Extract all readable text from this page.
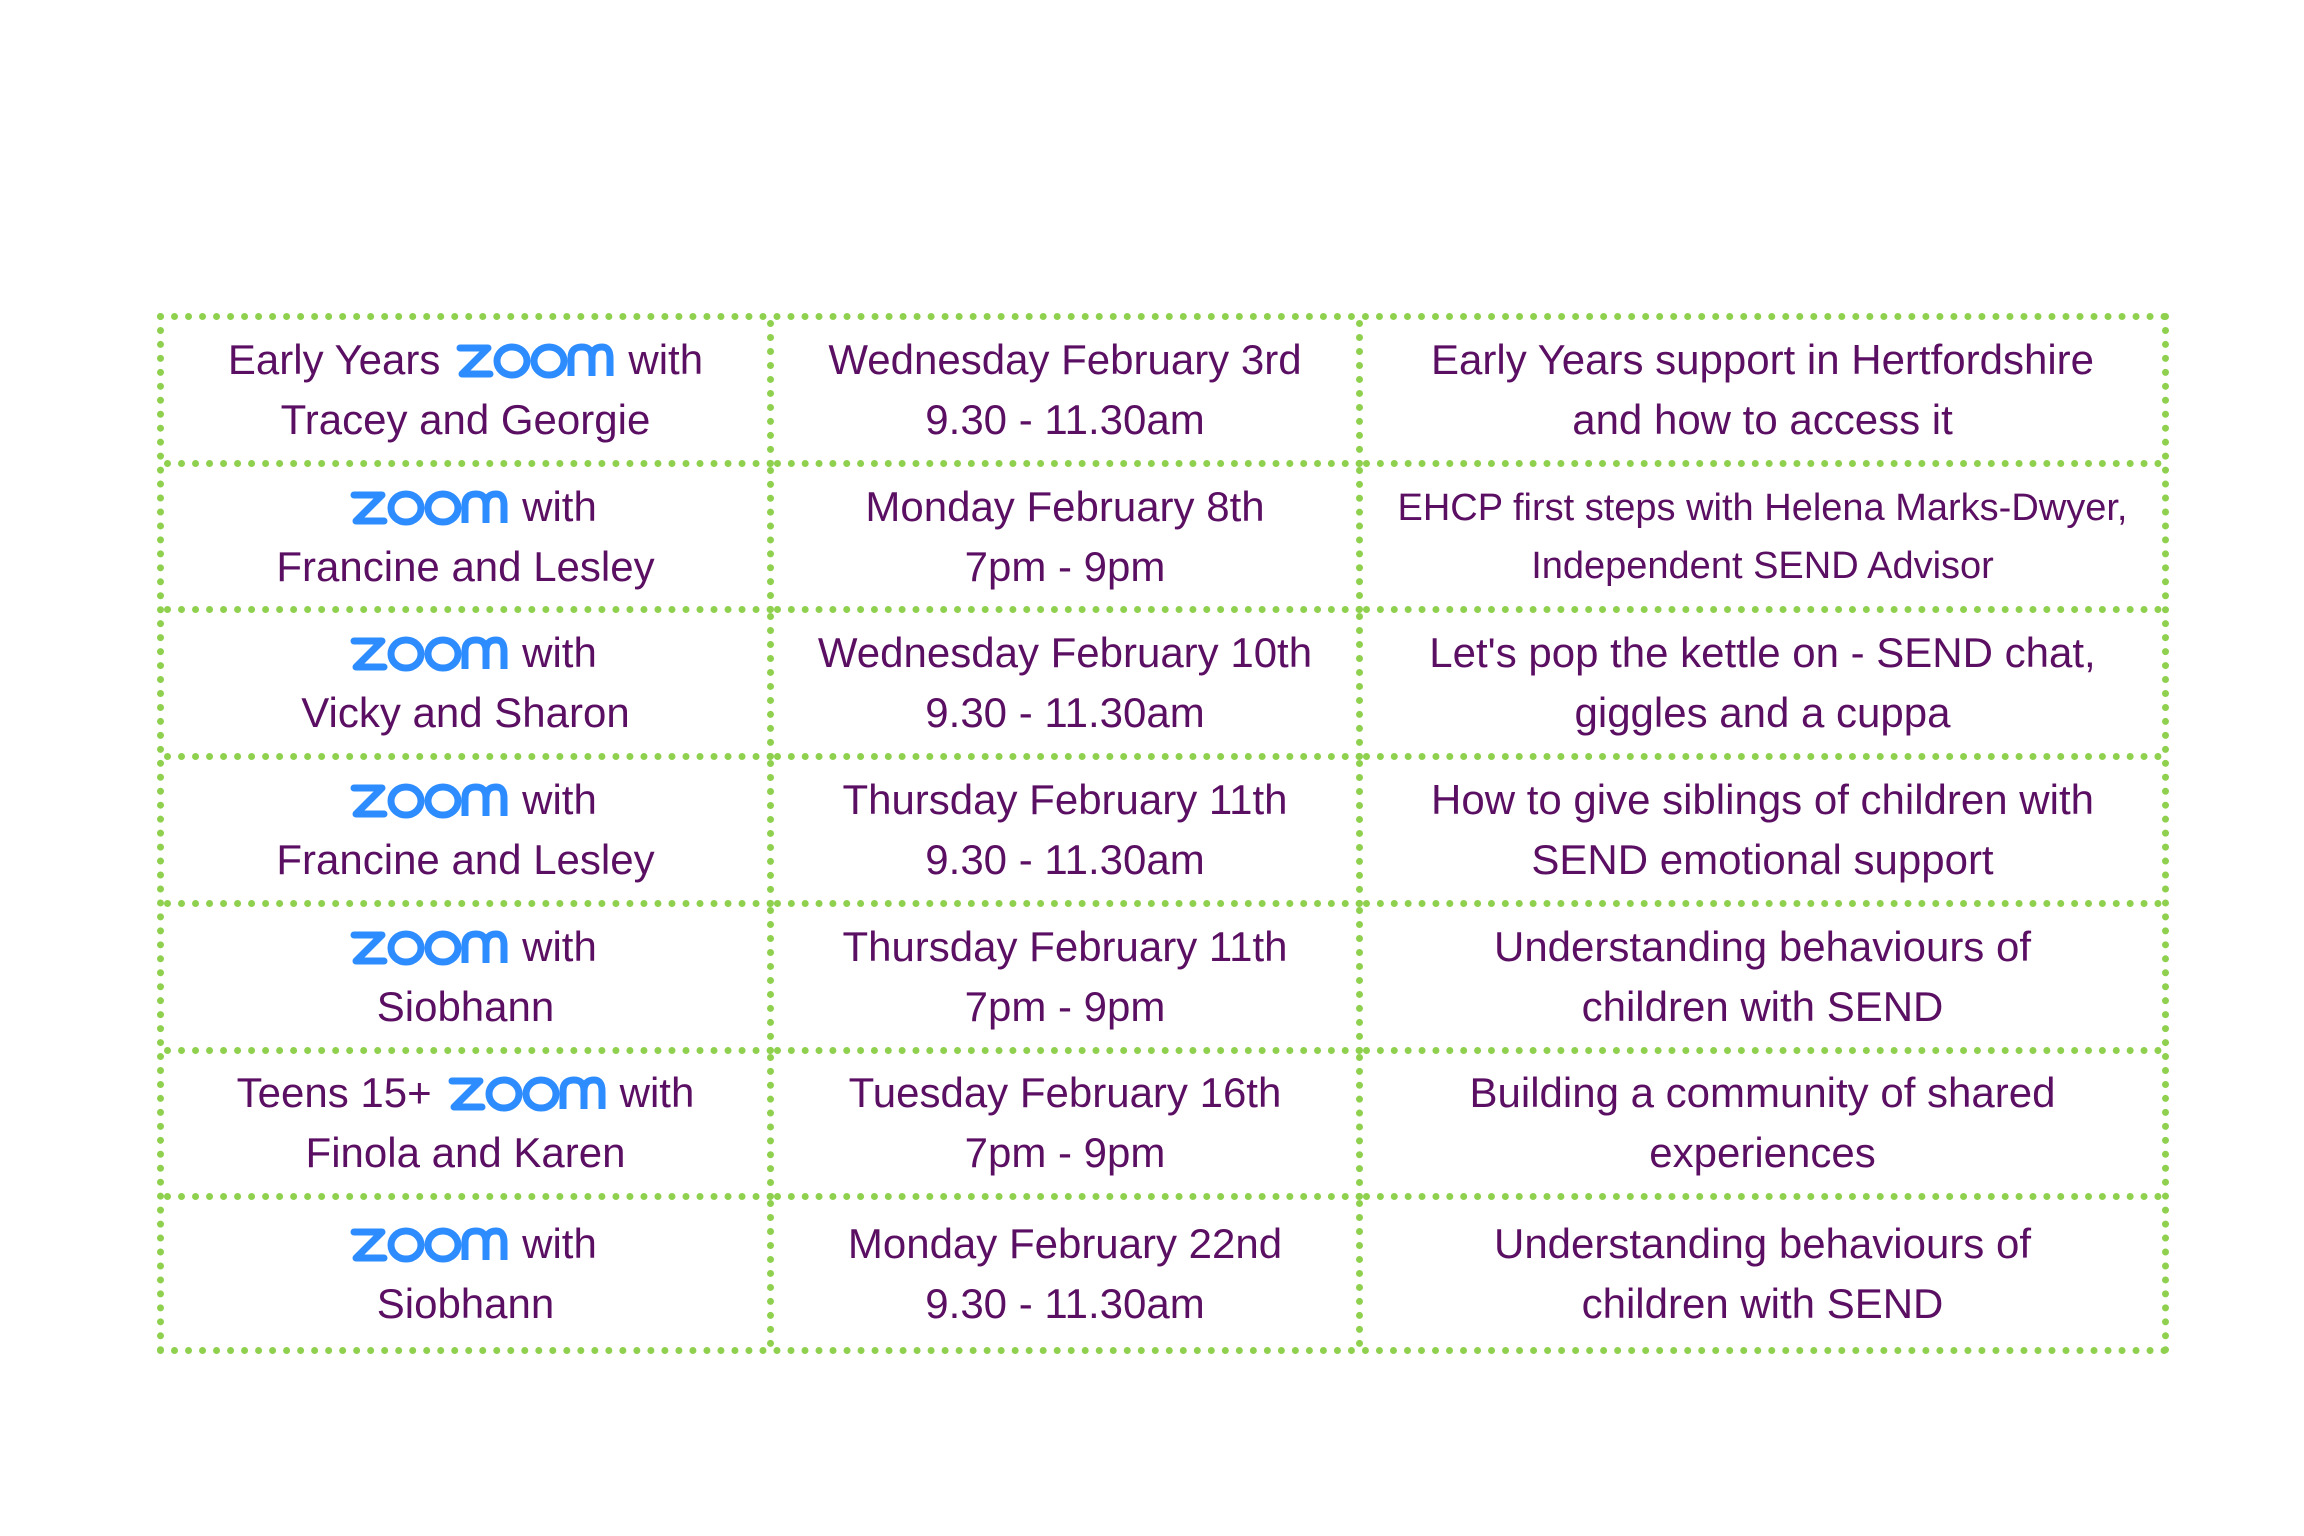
Early Years	with
Tracey and Georgie
Wednesday February 3rd
9.30 - 11.30am
Early Years support in Hertfordshire
and how to access it
with
Francine and Lesley
Monday February 8th
7pm - 9pm
EHCP first steps with Helena Marks-Dwyer,
Independent SEND Advisor
with
Vicky and Sharon
Wednesday February 10th
9.30 - 11.30am
Let's pop the kettle on - SEND chat,
giggles and a cuppa
with
Francine and Lesley
Thursday February 11th
9.30 - 11.30am
How to give siblings of children with
SEND emotional support
with
Siobhann
Thursday February 11th
7pm - 9pm
Understanding behaviours of
children with SEND
Teens 15+	with
Finola and Karen
Tuesday February 16th
7pm - 9pm
Building a community of shared
experiences
with
Siobhann
Monday February 22nd
9.30 - 11.30am
Understanding behaviours of
children with SEND
